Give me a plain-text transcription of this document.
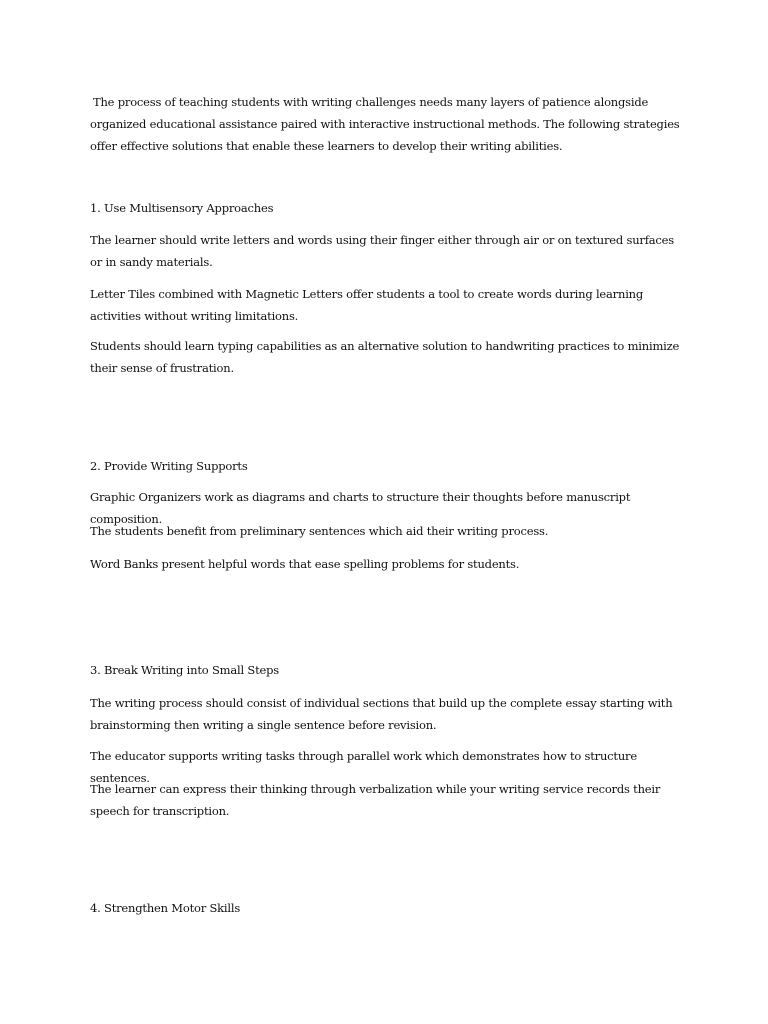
The process of teaching students with writing challenges needs many layers of patience alongside organized educational assistance paired with interactive instructional methods. The following strategies offer effective solutions that enable these learners to develop their writing abilities.
1. Use Multisensory Approaches
The learner should write letters and words using their finger either through air or on textured surfaces or in sandy materials.
Letter Tiles combined with Magnetic Letters offer students a tool to create words during learning activities without writing limitations.
Students should learn typing capabilities as an alternative solution to handwriting practices to minimize their sense of frustration.
2. Provide Writing Supports
Graphic Organizers work as diagrams and charts to structure their thoughts before manuscript composition.
The students benefit from preliminary sentences which aid their writing process.
Word Banks present helpful words that ease spelling problems for students.
3. Break Writing into Small Steps
The writing process should consist of individual sections that build up the complete essay starting with brainstorming then writing a single sentence before revision.
The educator supports writing tasks through parallel work which demonstrates how to structure sentences.
The learner can express their thinking through verbalization while your writing service records their speech for transcription.
4. Strengthen Motor Skills
